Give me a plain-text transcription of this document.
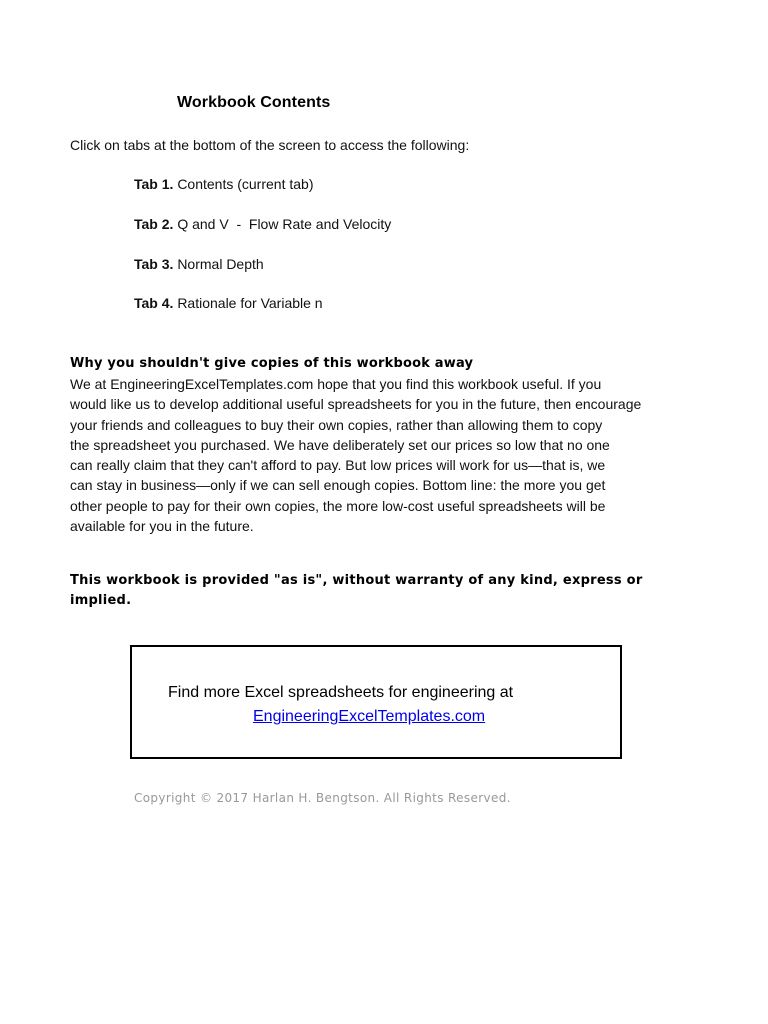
Workbook Contents
Click on tabs at the bottom of the screen to access the following:
Tab 1. Contents (current tab)
Tab 2. Q and V  -  Flow Rate and Velocity
Tab 3. Normal Depth
Tab 4. Rationale for Variable n
Why you shouldn't give copies of this workbook away
We at EngineeringExcelTemplates.com hope that you find this workbook useful. If you
would like us to develop additional useful spreadsheets for you in the future, then encourage
your friends and colleagues to buy their own copies, rather than allowing them to copy
the spreadsheet you purchased. We have deliberately set our prices so low that no one
can really claim that they can't afford to pay. But low prices will work for us—that is, we
can stay in business—only if we can sell enough copies. Bottom line: the more you get
other people to pay for their own copies, the more low-cost useful spreadsheets will be
available for you in the future.
This workbook is provided "as is", without warranty of any kind, express or implied.
Find more Excel spreadsheets for engineering at
EngineeringExcelTemplates.com
Copyright © 2017 Harlan H. Bengtson. All Rights Reserved.
